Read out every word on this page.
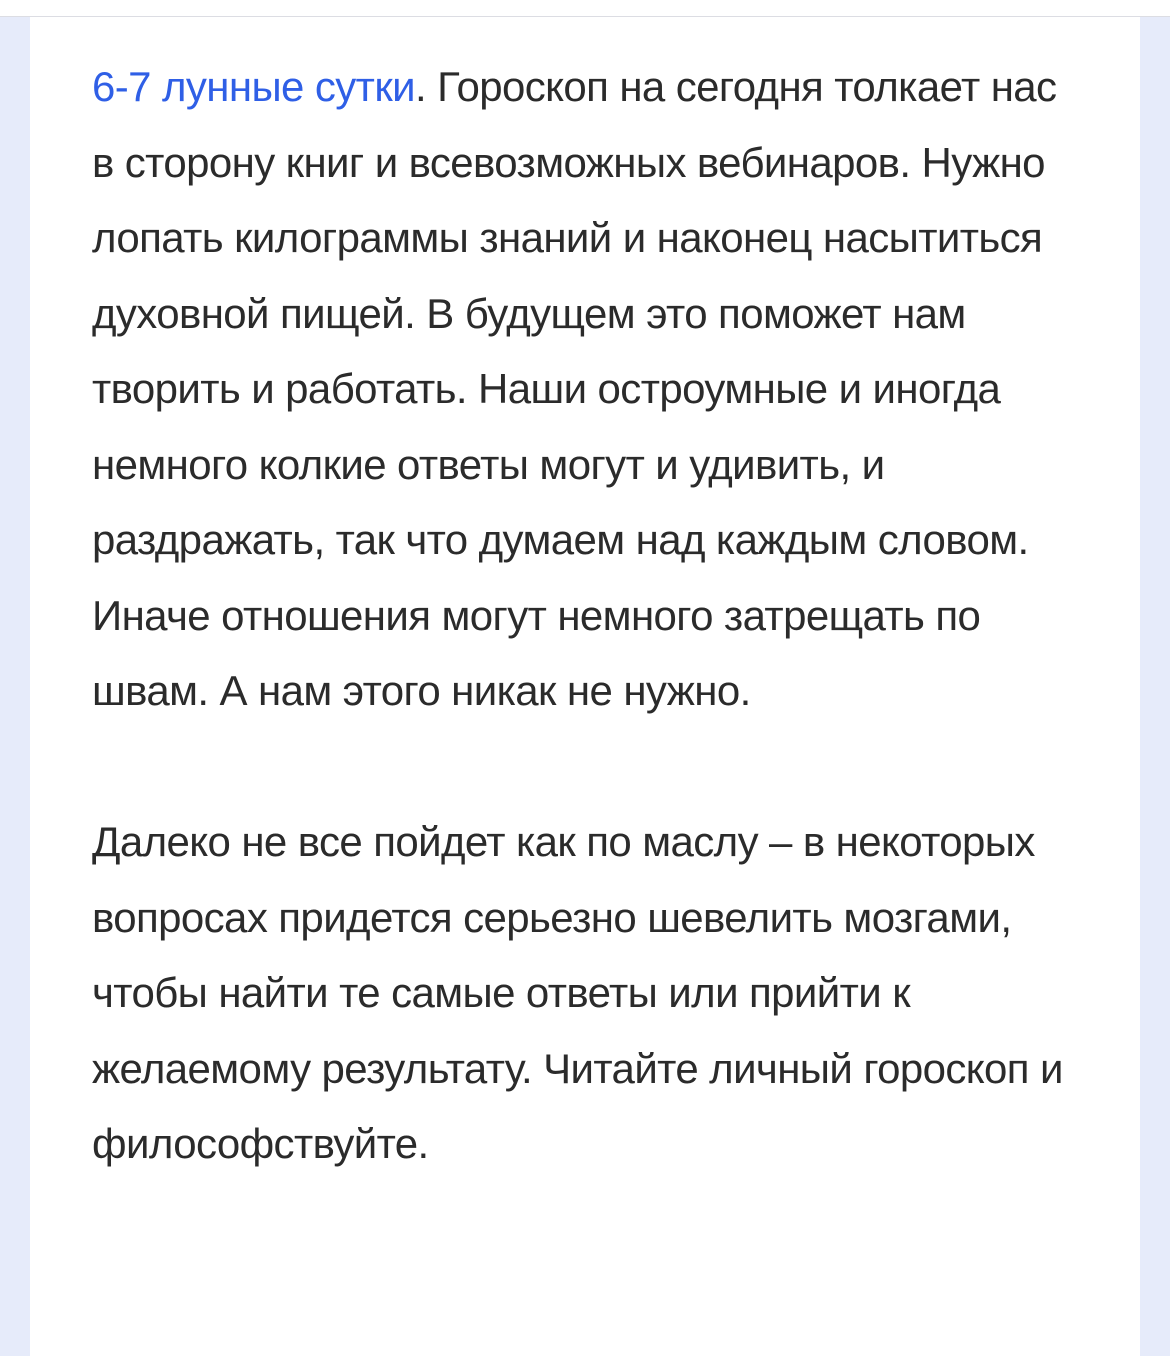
6-7 лунные сутки. Гороскоп на сегодня толкает нас в сторону книг и всевозможных вебинаров. Нужно лопать килограммы знаний и наконец насытиться духовной пищей. В будущем это поможет нам творить и работать. Наши остроумные и иногда немного колкие ответы могут и удивить, и раздражать, так что думаем над каждым словом. Иначе отношения могут немного затрещать по швам. А нам этого никак не нужно.

Далеко не все пойдет как по маслу – в некоторых вопросах придется серьезно шевелить мозгами, чтобы найти те самые ответы или прийти к желаемому результату. Читайте личный гороскоп и философствуйте.
